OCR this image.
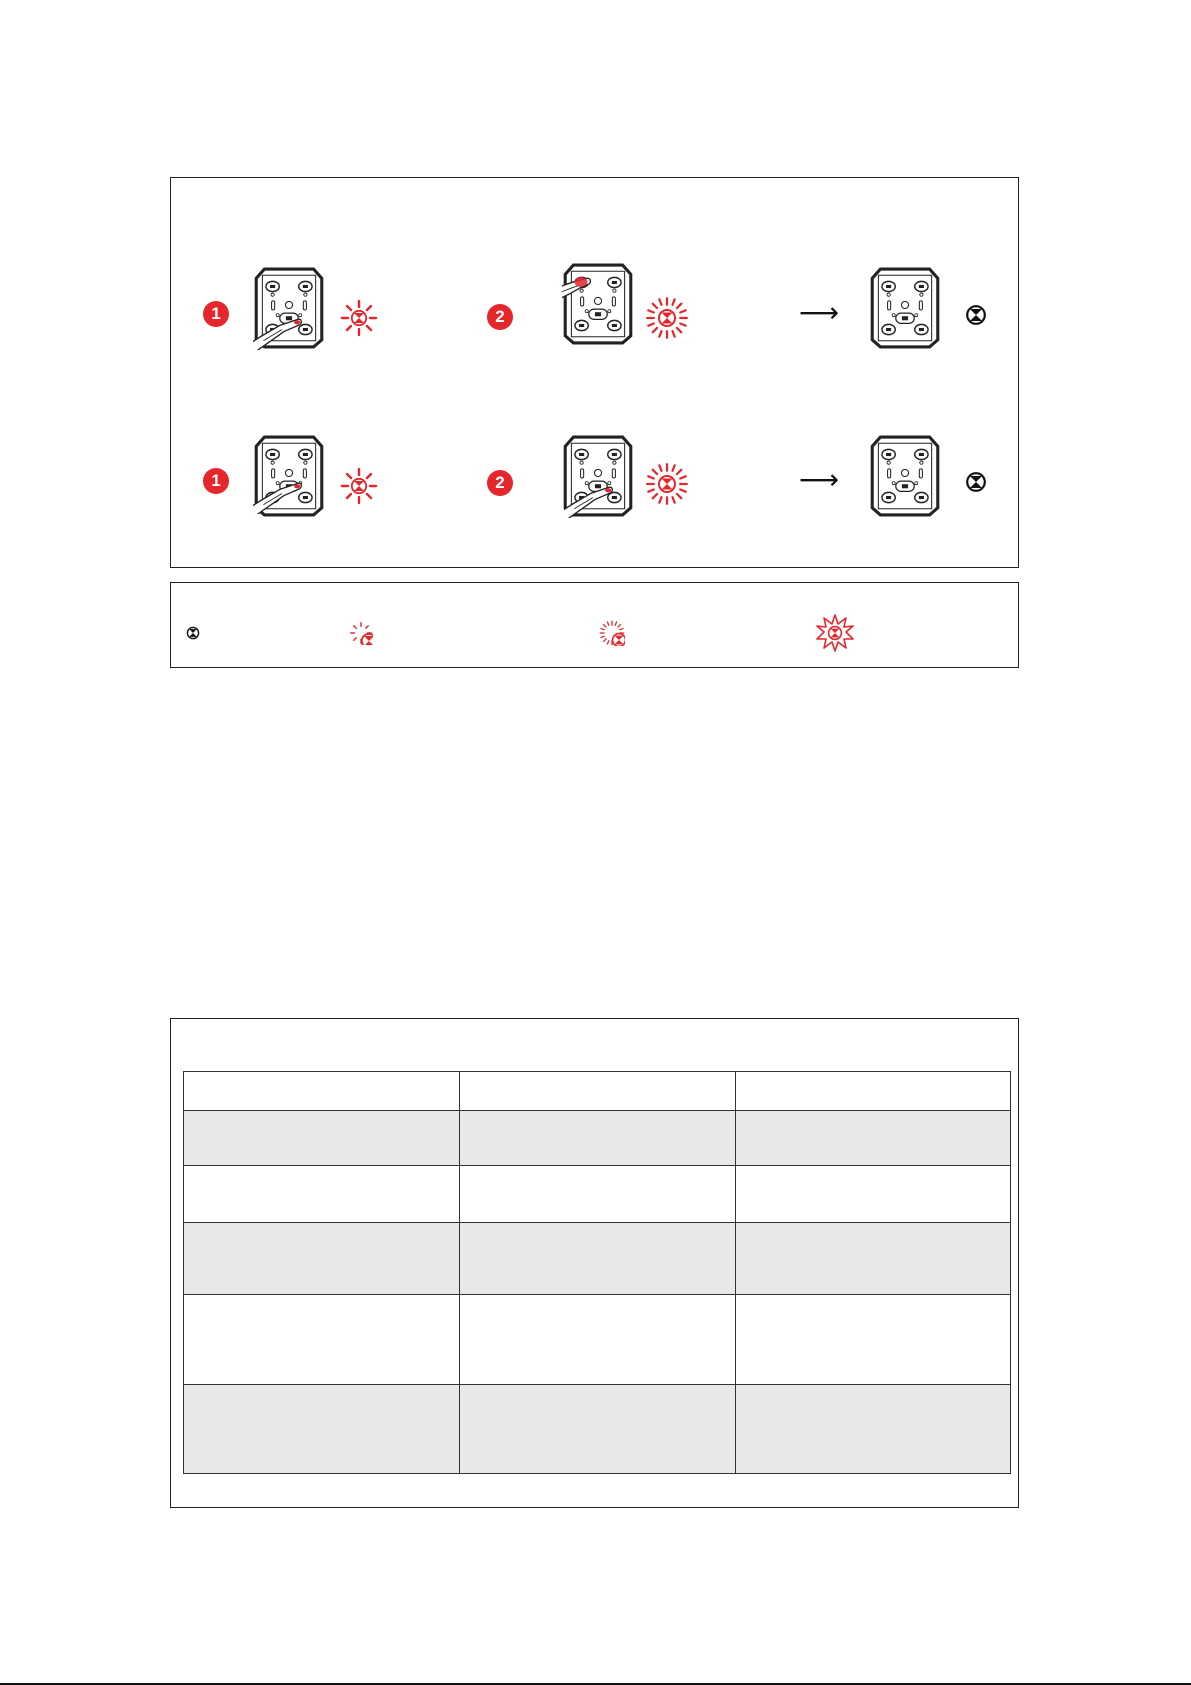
1	2	⟶
1	2	⟶
